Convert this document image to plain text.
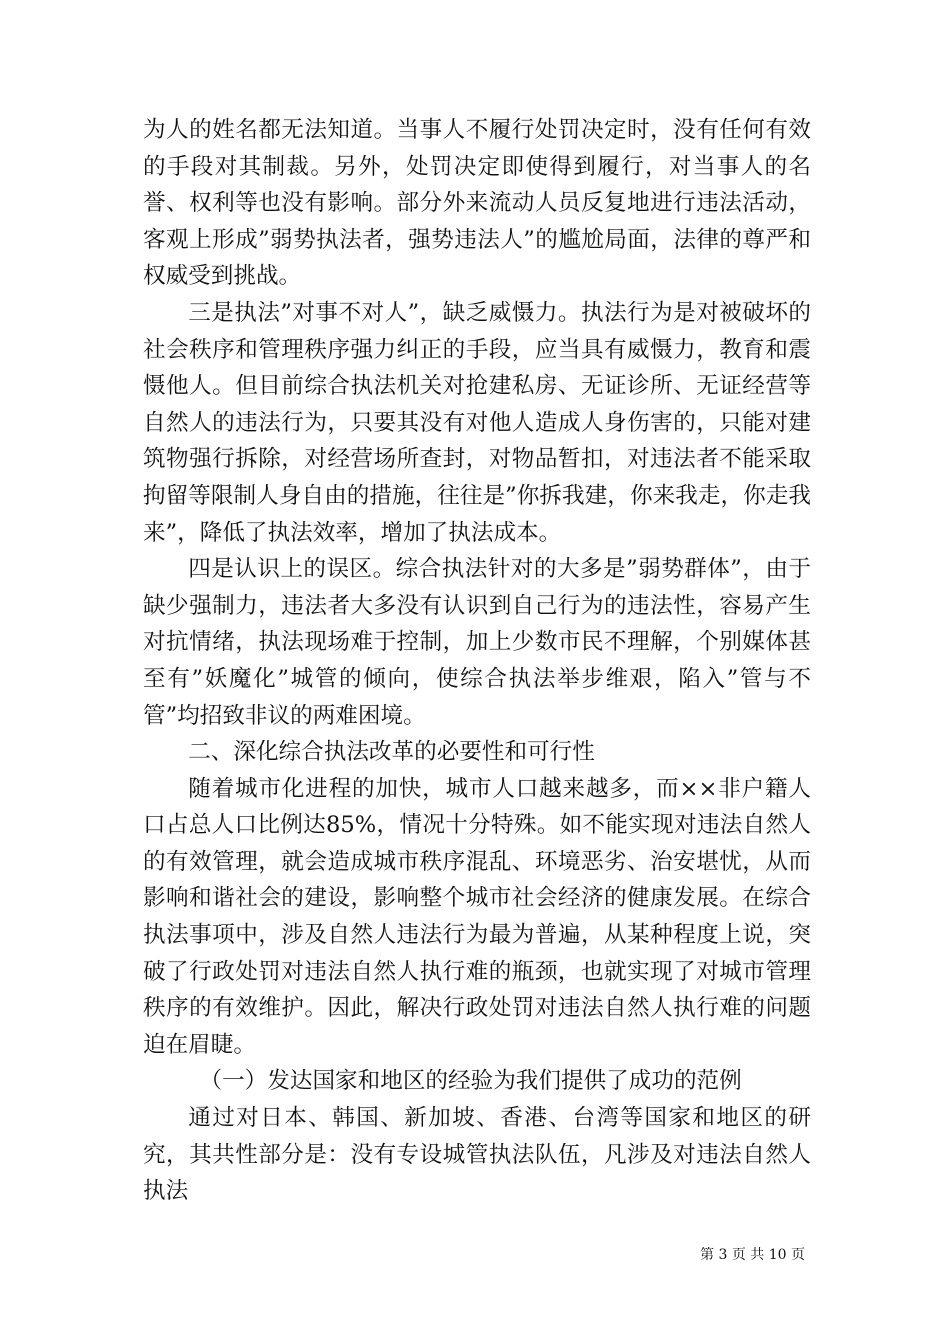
为人的姓名都无法知道。当事人不履行处罚决定时，没有任何有效的手段对其制裁。另外，处罚决定即使得到履行，对当事人的名誉、权利等也没有影响。部分外来流动人员反复地进行违法活动，客观上形成”弱势执法者，强势违法人”的尴尬局面，法律的尊严和权威受到挑战。

三是执法”对事不对人”，缺乏威慑力。执法行为是对被破坏的社会秩序和管理秩序强力纠正的手段，应当具有威慑力，教育和震慑他人。但目前综合执法机关对抢建私房、无证诊所、无证经营等自然人的违法行为，只要其没有对他人造成人身伤害的，只能对建筑物强行拆除，对经营场所查封，对物品暂扣，对违法者不能采取拘留等限制人身自由的措施，往往是”你拆我建，你来我走，你走我来”，降低了执法效率，增加了执法成本。

四是认识上的误区。综合执法针对的大多是”弱势群体”，由于缺少强制力，违法者大多没有认识到自己行为的违法性，容易产生对抗情绪，执法现场难于控制，加上少数市民不理解，个别媒体甚至有”妖魔化”城管的倾向，使综合执法举步维艰，陷入”管与不管”均招致非议的两难困境。

二、深化综合执法改革的必要性和可行性

随着城市化进程的加快，城市人口越来越多，而××非户籍人口占总人口比例达85%，情况十分特殊。如不能实现对违法自然人的有效管理，就会造成城市秩序混乱、环境恶劣、治安堪忧，从而影响和谐社会的建设，影响整个城市社会经济的健康发展。在综合执法事项中，涉及自然人违法行为最为普遍，从某种程度上说，突破了行政处罚对违法自然人执行难的瓶颈，也就实现了对城市管理秩序的有效维护。因此，解决行政处罚对违法自然人执行难的问题迫在眉睫。

（一）发达国家和地区的经验为我们提供了成功的范例

通过对日本、韩国、新加坡、香港、台湾等国家和地区的研究，其共性部分是：没有专设城管执法队伍，凡涉及对违法自然人执法

第 3 页 共 10 页
